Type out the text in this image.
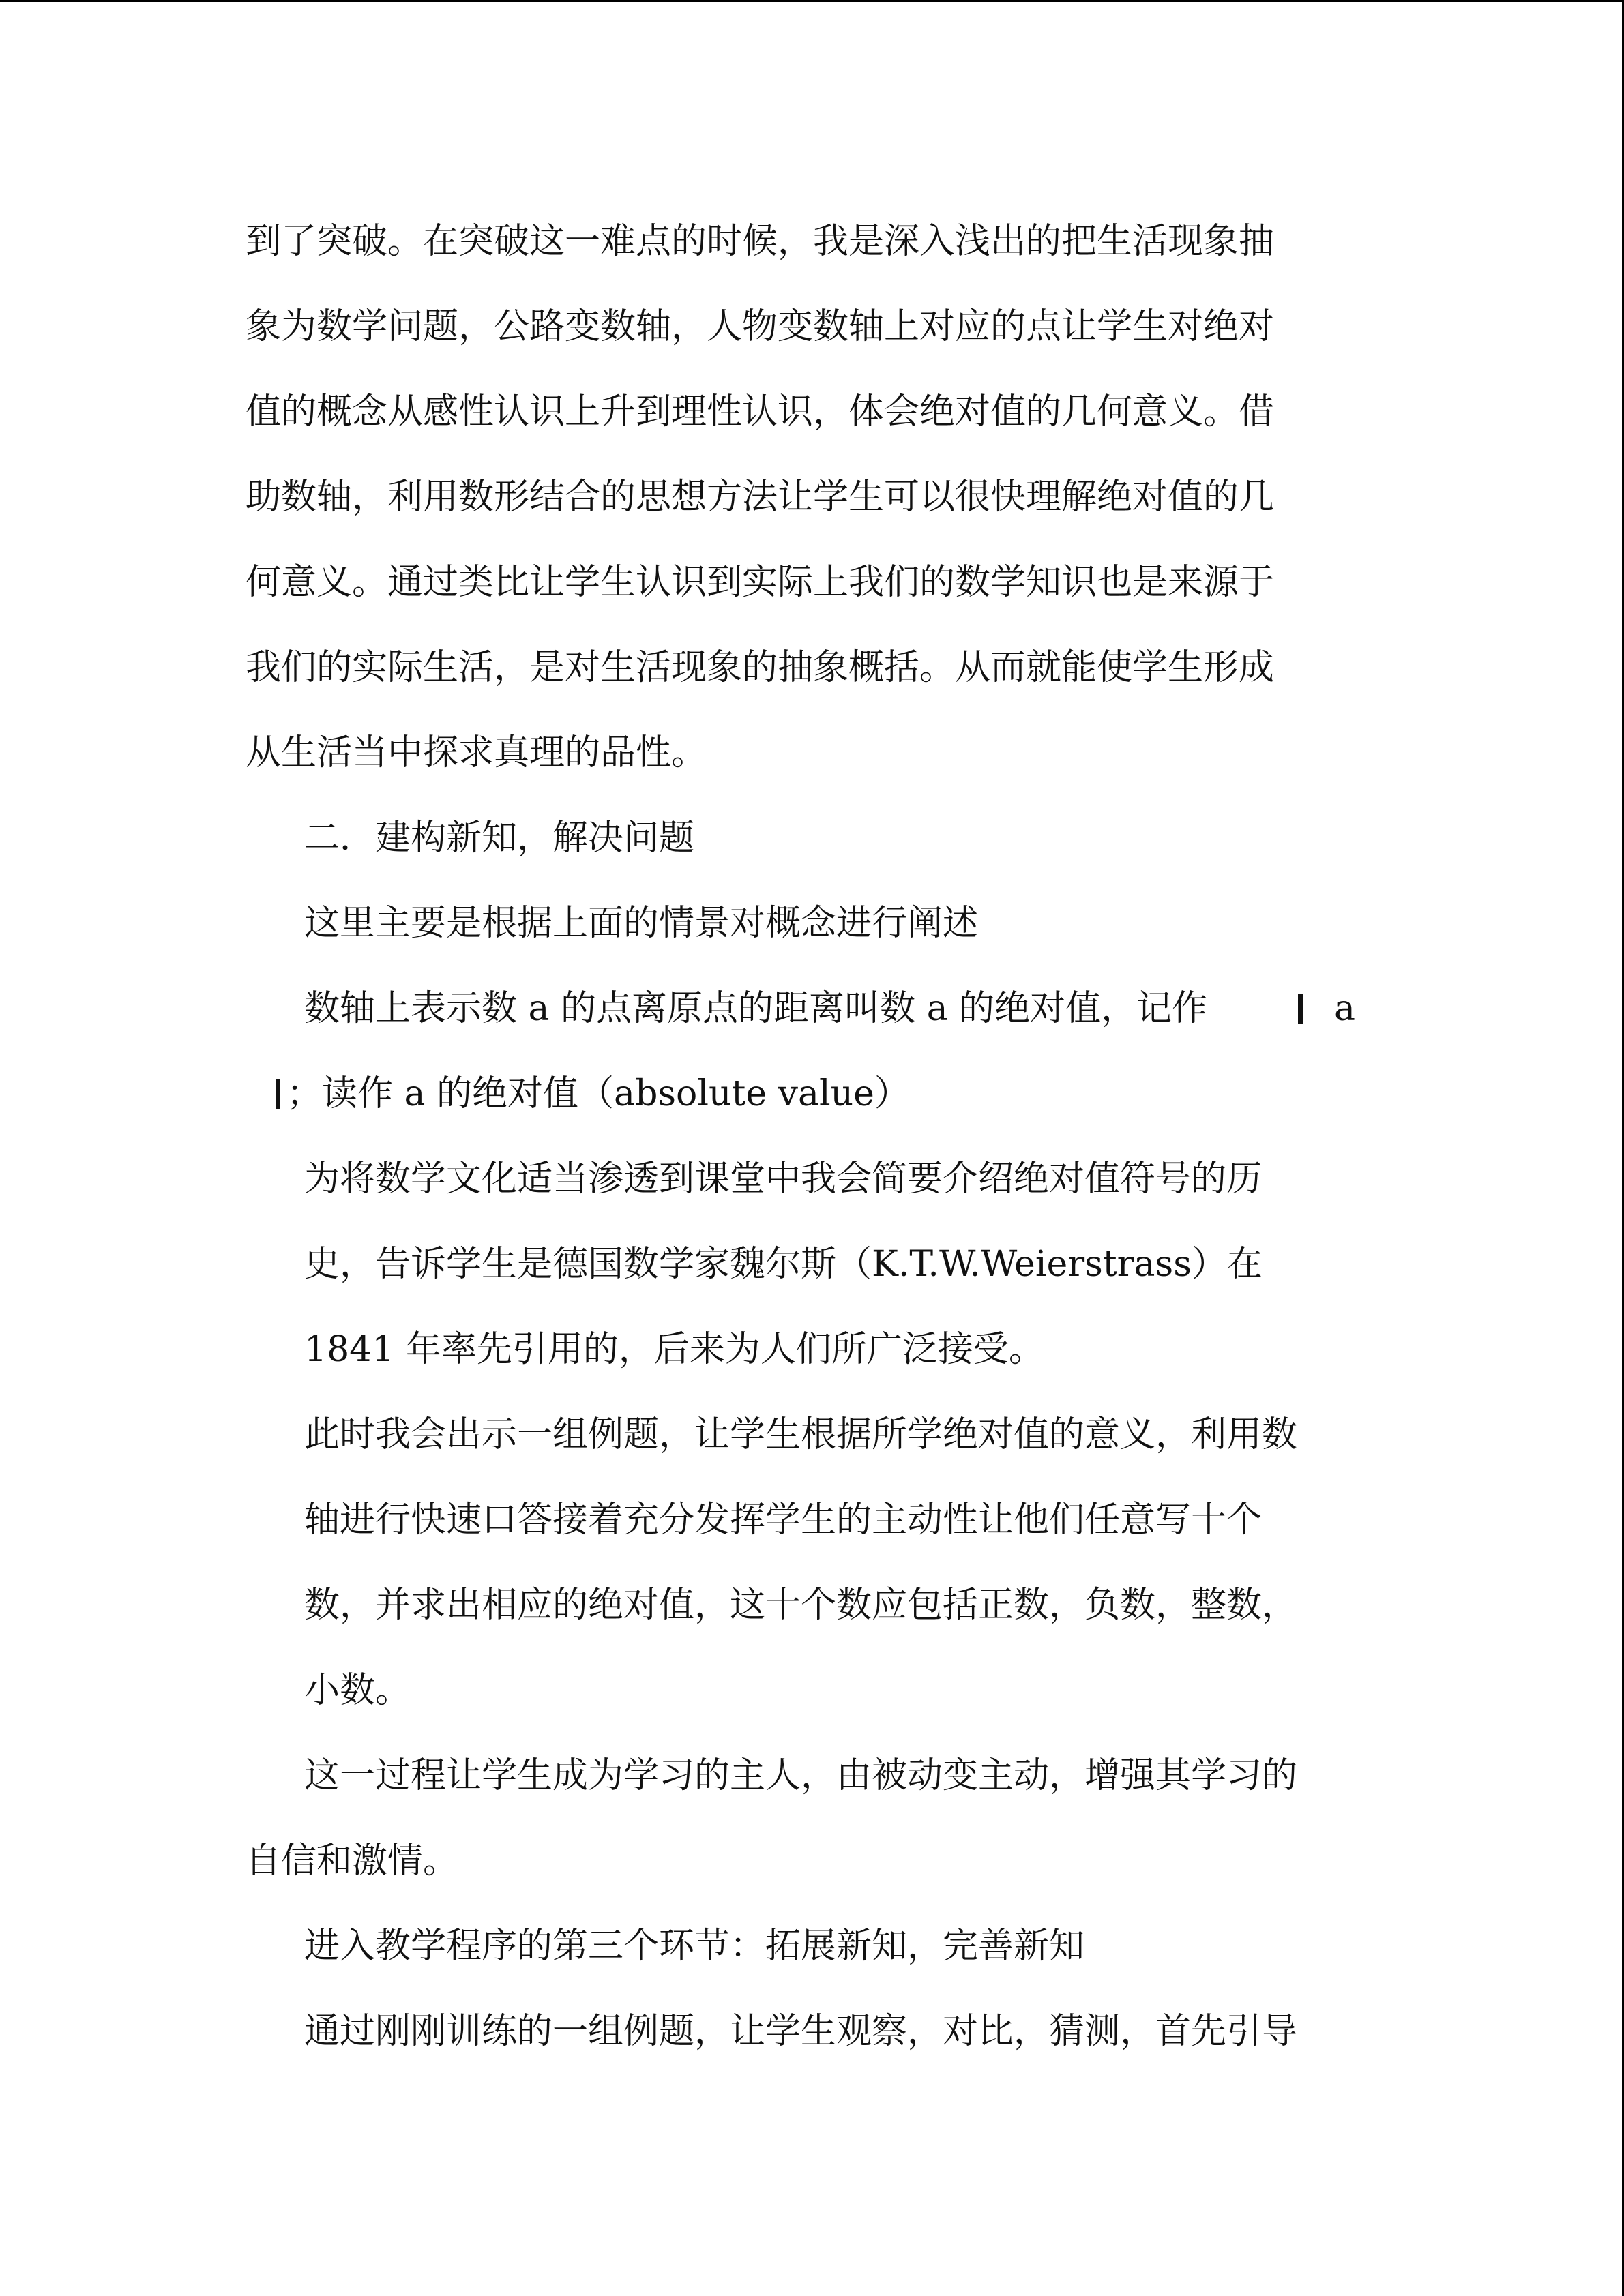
到了突破。在突破这一难点的时候，我是深入浅出的把生活现象抽

象为数学问题，公路变数轴，人物变数轴上对应的点让学生对绝对

值的概念从感性认识上升到理性认识，体会绝对值的几何意义。借

助数轴，利用数形结合的思想方法让学生可以很快理解绝对值的几

何意义。通过类比让学生认识到实际上我们的数学知识也是来源于

我们的实际生活，是对生活现象的抽象概括。从而就能使学生形成

从生活当中探求真理的品性。

二．建构新知，解决问题

这里主要是根据上面的情景对概念进行阐述

数轴上表示数 a 的点离原点的距离叫数 a 的绝对值，记作	a

；读作 a 的绝对值（absolute value）

为将数学文化适当渗透到课堂中我会简要介绍绝对值符号的历

史，告诉学生是德国数学家魏尔斯（K.T.W.Weierstrass）在

1841 年率先引用的，后来为人们所广泛接受。

此时我会出示一组例题，让学生根据所学绝对值的意义，利用数

轴进行快速口答接着充分发挥学生的主动性让他们任意写十个

数，并求出相应的绝对值，这十个数应包括正数，负数，整数，

小数。

这一过程让学生成为学习的主人，由被动变主动，增强其学习的

自信和激情。

进入教学程序的第三个环节：拓展新知，完善新知

通过刚刚训练的一组例题，让学生观察，对比，猜测，首先引导
